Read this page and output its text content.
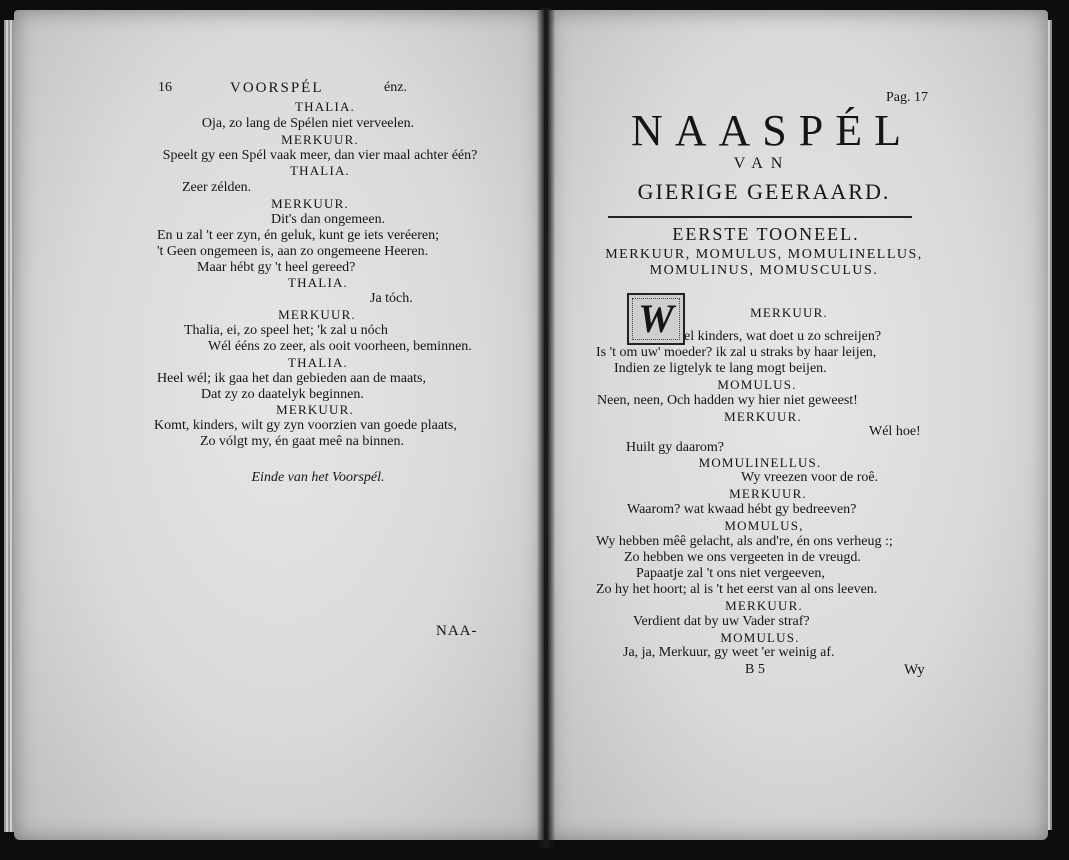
16	VOORSPÉL	énz.
THALIA.
Oja, zo lang de Spélen niet verveelen.
MERKUUR.
Speelt gy een Spél vaak meer, dan vier maal achter één?
THALIA.
Zeer zélden.
MERKUUR.
Dit's dan ongemeen.
En u zal 't eer zyn, én geluk, kunt ge iets veréeren;
't Geen ongemeen is, aan zo ongemeene Heeren.
Maar hébt gy 't heel gereed?
THALIA.
Ja tóch.
MERKUUR.
Thalia, ei, zo speel het; 'k zal u nóch
Wél ééns zo zeer, als ooit voorheen, beminnen.
THALIA.
Heel wél; ik gaa het dan gebieden aan de maats,
Dat zy zo daatelyk beginnen.
MERKUUR.
Komt, kinders, wilt gy zyn voorzien van goede plaats,
Zo vólgt my, én gaat meê na binnen.
Einde van het Voorspél.
NAA-
Pag. 17
NAASPÉL
VAN
GIERIGE GEERAARD.
EERSTE TOONEEL.
MERKUUR, MOMULUS, MOMULINELLUS,
MOMULINUS, MOMUSCULUS.
W	MERKUUR.
el kinders, wat doet u zo schreijen?
Is 't om uw' moeder? ik zal u straks by haar leijen,
Indien ze ligtelyk te lang mogt beijen.
MOMULUS.
Neen, neen, Och hadden wy hier niet geweest!
MERKUUR.
Wél hoe!
Huilt gy daarom?
MOMULINELLUS.
Wy vreezen voor de roê.
MERKUUR.
Waarom? wat kwaad hébt gy bedreeven?
MOMULUS,
Wy hebben mêê gelacht, als and're, én ons verheug :;
Zo hebben we ons vergeeten in de vreugd.
Papaatje zal 't ons niet vergeeven,
Zo hy het hoort; al is 't het eerst van al ons leeven.
MERKUUR.
Verdient dat by uw Vader straf?
MOMULUS.
Ja, ja, Merkuur, gy weet 'er weinig af.
B 5	Wy
